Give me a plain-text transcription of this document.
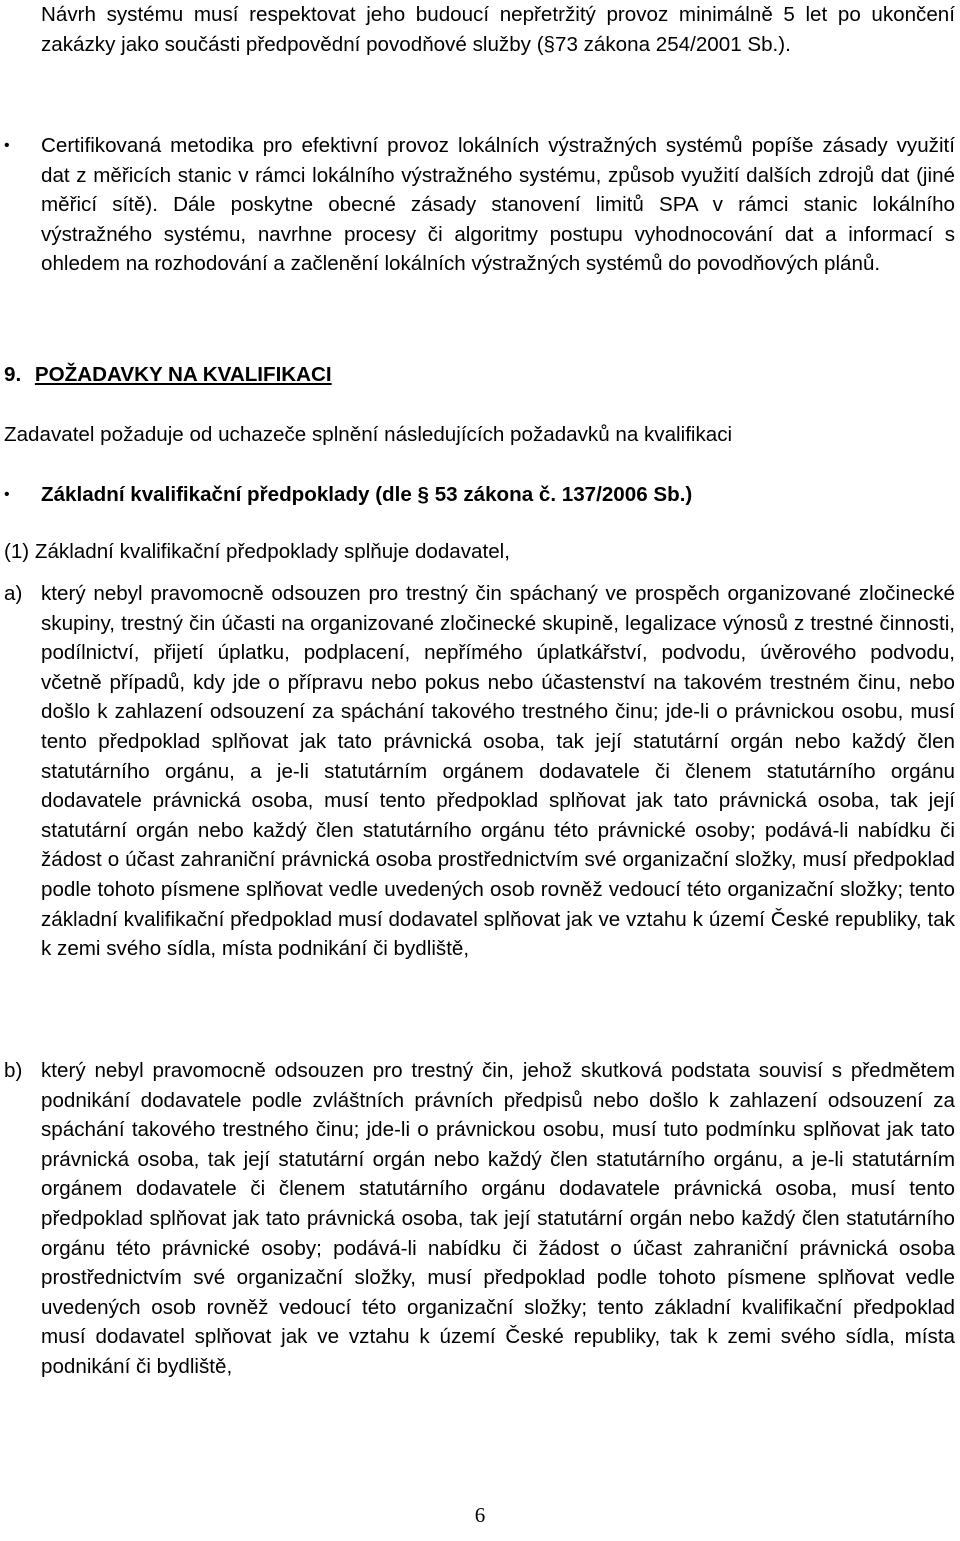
Návrh systému musí respektovat jeho budoucí nepřetržitý provoz minimálně 5 let po ukončení zakázky jako součásti předpovědní povodňové služby (§73 zákona 254/2001 Sb.).

• Certifikovaná metodika pro efektivní provoz lokálních výstražných systémů popíše zásady využití dat z měřicích stanic v rámci lokálního výstražného systému, způsob využití dalších zdrojů dat (jiné měřicí sítě). Dále poskytne obecné zásady stanovení limitů SPA v rámci stanic lokálního výstražného systému, navrhne procesy či algoritmy postupu vyhodnocování dat a informací s ohledem na rozhodování a začlenění lokálních výstražných systémů do povodňových plánů.

9. POŽADAVKY NA KVALIFIKACI

Zadavatel požaduje od uchazeče splnění následujících požadavků na kvalifikaci

• Základní kvalifikační předpoklady (dle § 53 zákona č. 137/2006 Sb.)

(1) Základní kvalifikační předpoklady splňuje dodavatel,

a) který nebyl pravomocně odsouzen pro trestný čin spáchaný ve prospěch organizované zločinecké skupiny, trestný čin účasti na organizované zločinecké skupině, legalizace výnosů z trestné činnosti, podílnictví, přijetí úplatku, podplacení, nepřímého úplatkářství, podvodu, úvěrového podvodu, včetně případů, kdy jde o přípravu nebo pokus nebo účastenství na takovém trestném činu, nebo došlo k zahlazení odsouzení za spáchání takového trestného činu; jde-li o právnickou osobu, musí tento předpoklad splňovat jak tato právnická osoba, tak její statutární orgán nebo každý člen statutárního orgánu, a je-li statutárním orgánem dodavatele či členem statutárního orgánu dodavatele právnická osoba, musí tento předpoklad splňovat jak tato právnická osoba, tak její statutární orgán nebo každý člen statutárního orgánu této právnické osoby; podává-li nabídku či žádost o účast zahraniční právnická osoba prostřednictvím své organizační složky, musí předpoklad podle tohoto písmene splňovat vedle uvedených osob rovněž vedoucí této organizační složky; tento základní kvalifikační předpoklad musí dodavatel splňovat jak ve vztahu k území České republiky, tak k zemi svého sídla, místa podnikání či bydliště,

b) který nebyl pravomocně odsouzen pro trestný čin, jehož skutková podstata souvisí s předmětem podnikání dodavatele podle zvláštních právních předpisů nebo došlo k zahlazení odsouzení za spáchání takového trestného činu; jde-li o právnickou osobu, musí tuto podmínku splňovat jak tato právnická osoba, tak její statutární orgán nebo každý člen statutárního orgánu, a je-li statutárním orgánem dodavatele či členem statutárního orgánu dodavatele právnická osoba, musí tento předpoklad splňovat jak tato právnická osoba, tak její statutární orgán nebo každý člen statutárního orgánu této právnické osoby; podává-li nabídku či žádost o účast zahraniční právnická osoba prostřednictvím své organizační složky, musí předpoklad podle tohoto písmene splňovat vedle uvedených osob rovněž vedoucí této organizační složky; tento základní kvalifikační předpoklad musí dodavatel splňovat jak ve vztahu k území České republiky, tak k zemi svého sídla, místa podnikání či bydliště,

6
